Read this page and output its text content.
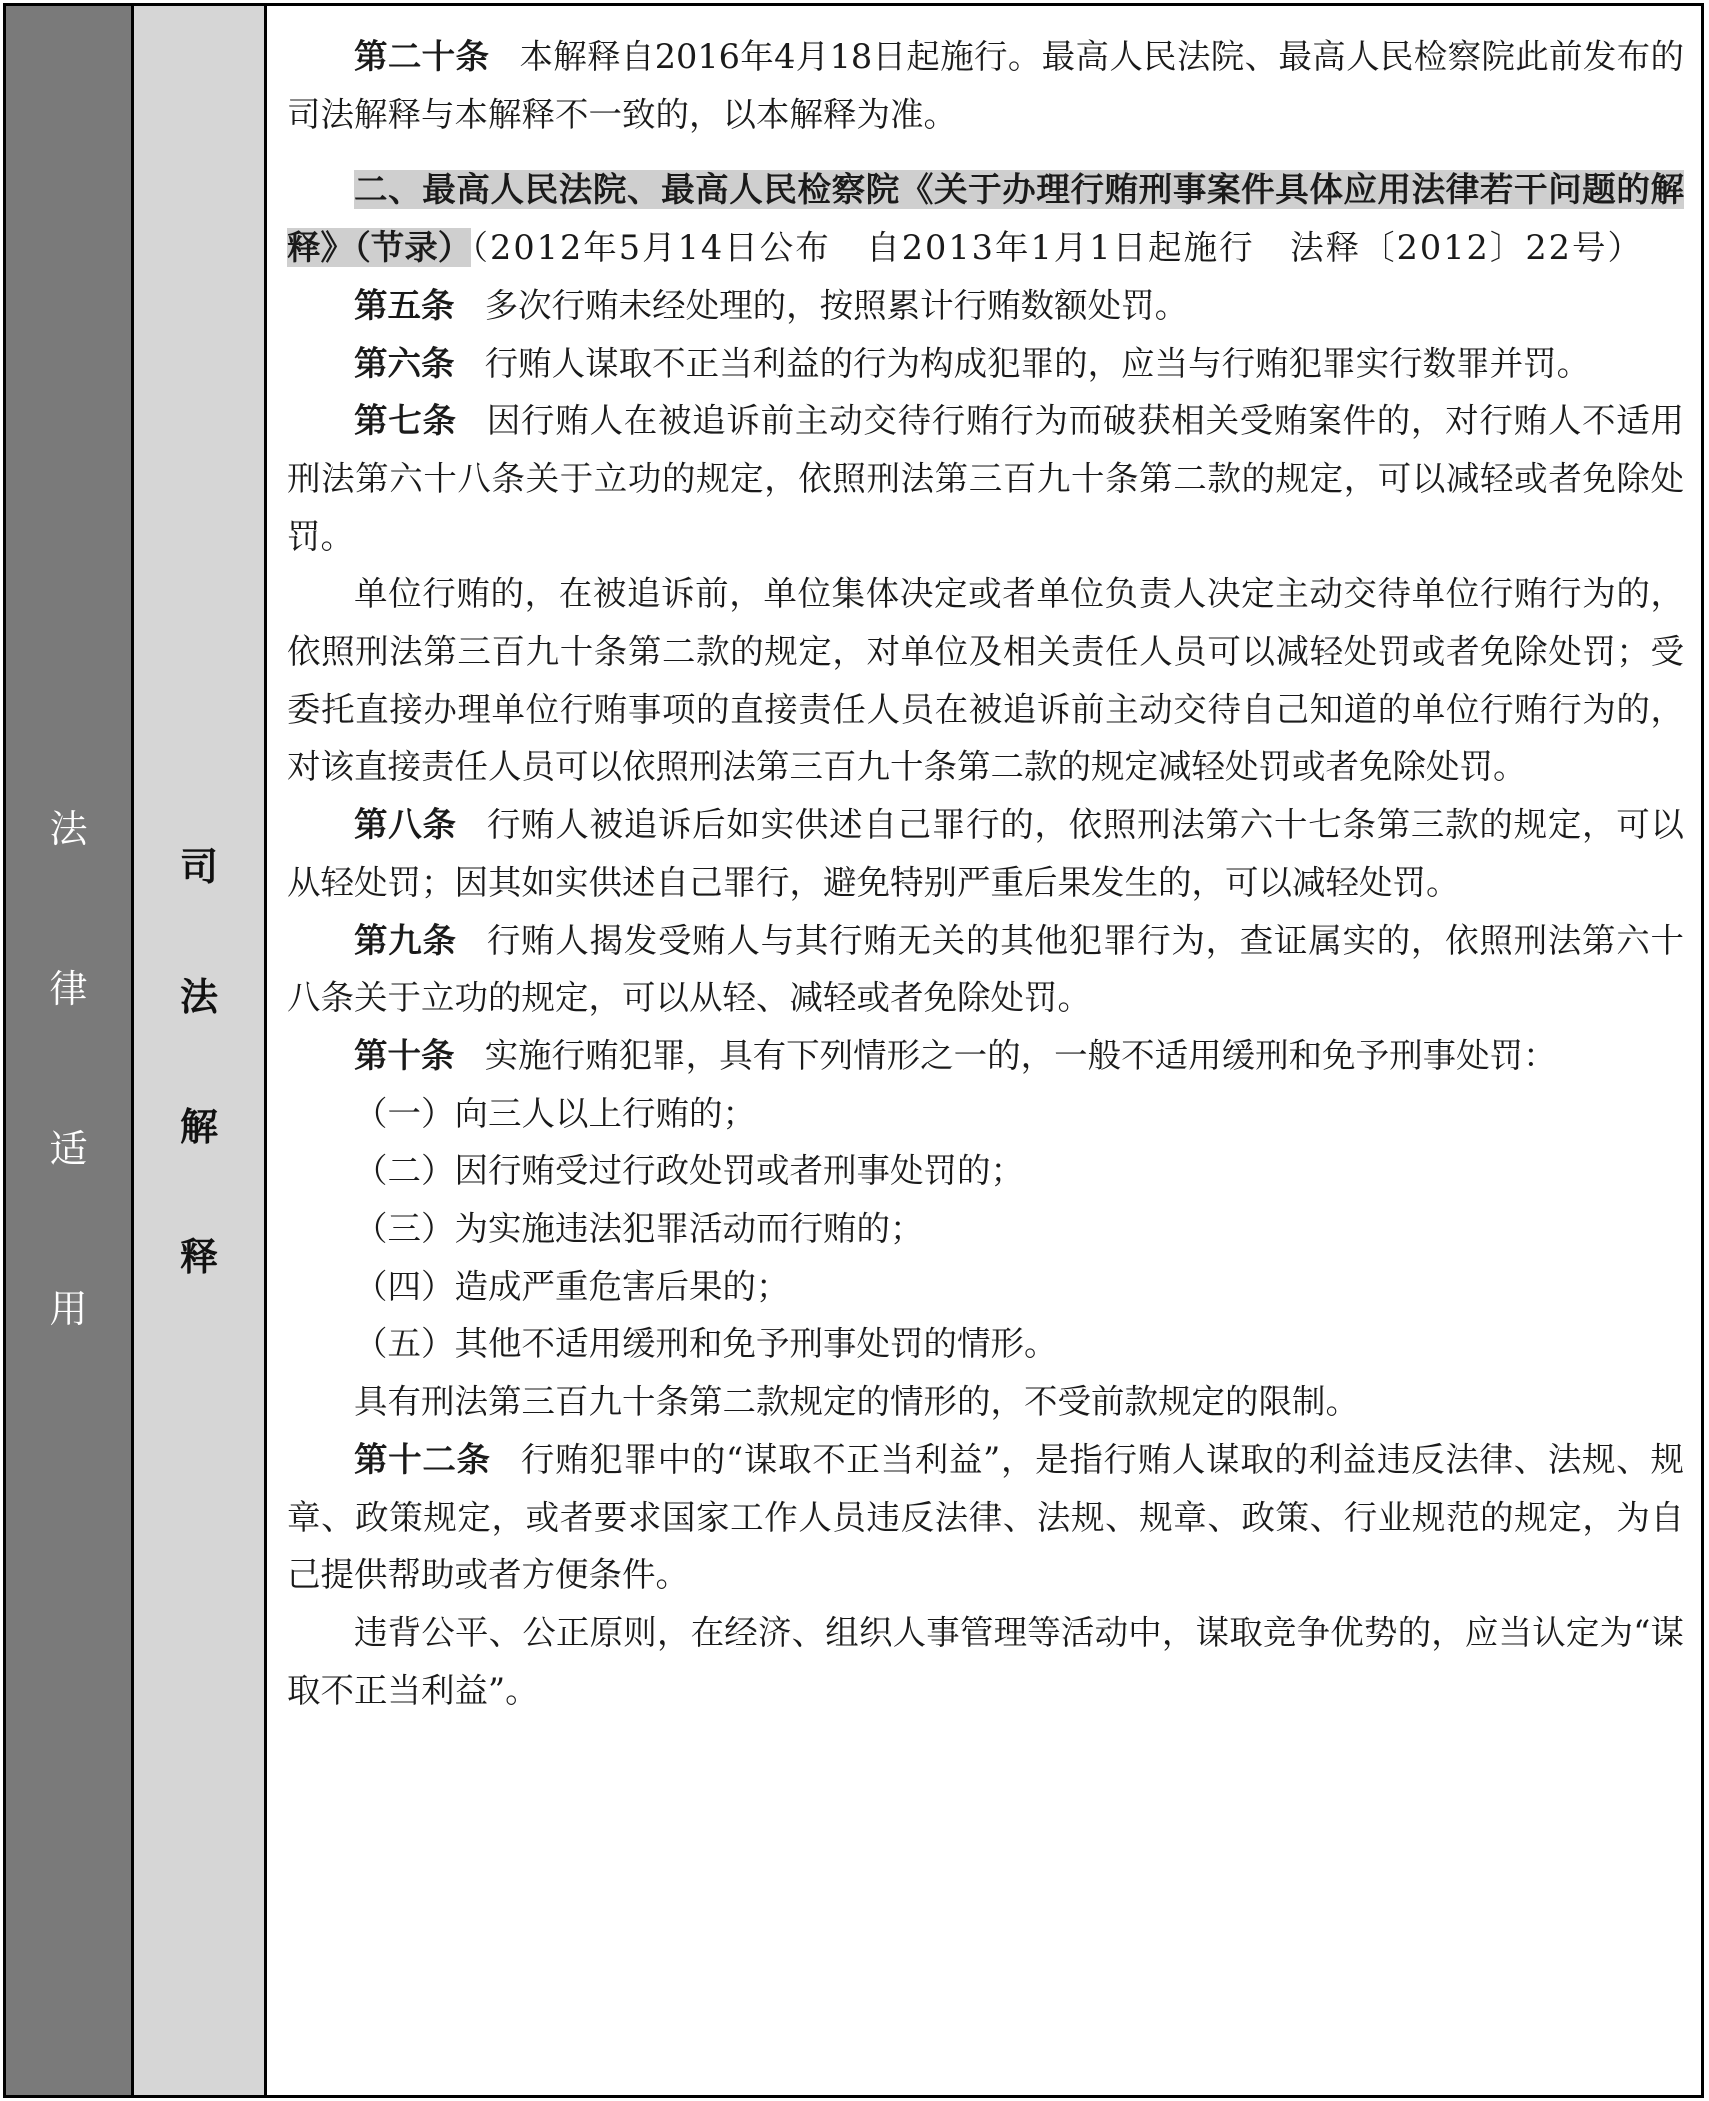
法
律
适
用
司
法
解
释

第二十条 本解释自2016年4月18日起施行。最高人民法院、最高人民检察院此前发布的司法解释与本解释不一致的，以本解释为准。

二、最高人民法院、最高人民检察院《关于办理行贿刑事案件具体应用法律若干问题的解释》（节录）（2012年5月14日公布　自2013年1月1日起施行　法释〔2012〕22号）

第五条 多次行贿未经处理的，按照累计行贿数额处罚。

第六条 行贿人谋取不正当利益的行为构成犯罪的，应当与行贿犯罪实行数罪并罚。

第七条 因行贿人在被追诉前主动交待行贿行为而破获相关受贿案件的，对行贿人不适用刑法第六十八条关于立功的规定，依照刑法第三百九十条第二款的规定，可以减轻或者免除处罚。

单位行贿的，在被追诉前，单位集体决定或者单位负责人决定主动交待单位行贿行为的，依照刑法第三百九十条第二款的规定，对单位及相关责任人员可以减轻处罚或者免除处罚；受委托直接办理单位行贿事项的直接责任人员在被追诉前主动交待自己知道的单位行贿行为的，对该直接责任人员可以依照刑法第三百九十条第二款的规定减轻处罚或者免除处罚。

第八条 行贿人被追诉后如实供述自己罪行的，依照刑法第六十七条第三款的规定，可以从轻处罚；因其如实供述自己罪行，避免特别严重后果发生的，可以减轻处罚。

第九条 行贿人揭发受贿人与其行贿无关的其他犯罪行为，查证属实的，依照刑法第六十八条关于立功的规定，可以从轻、减轻或者免除处罚。

第十条 实施行贿犯罪，具有下列情形之一的，一般不适用缓刑和免予刑事处罚：

（一）向三人以上行贿的；

（二）因行贿受过行政处罚或者刑事处罚的；

（三）为实施违法犯罪活动而行贿的；

（四）造成严重危害后果的；

（五）其他不适用缓刑和免予刑事处罚的情形。

具有刑法第三百九十条第二款规定的情形的，不受前款规定的限制。

第十二条 行贿犯罪中的“谋取不正当利益”，是指行贿人谋取的利益违反法律、法规、规章、政策规定，或者要求国家工作人员违反法律、法规、规章、政策、行业规范的规定，为自己提供帮助或者方便条件。

违背公平、公正原则，在经济、组织人事管理等活动中，谋取竞争优势的，应当认定为“谋取不正当利益”。
